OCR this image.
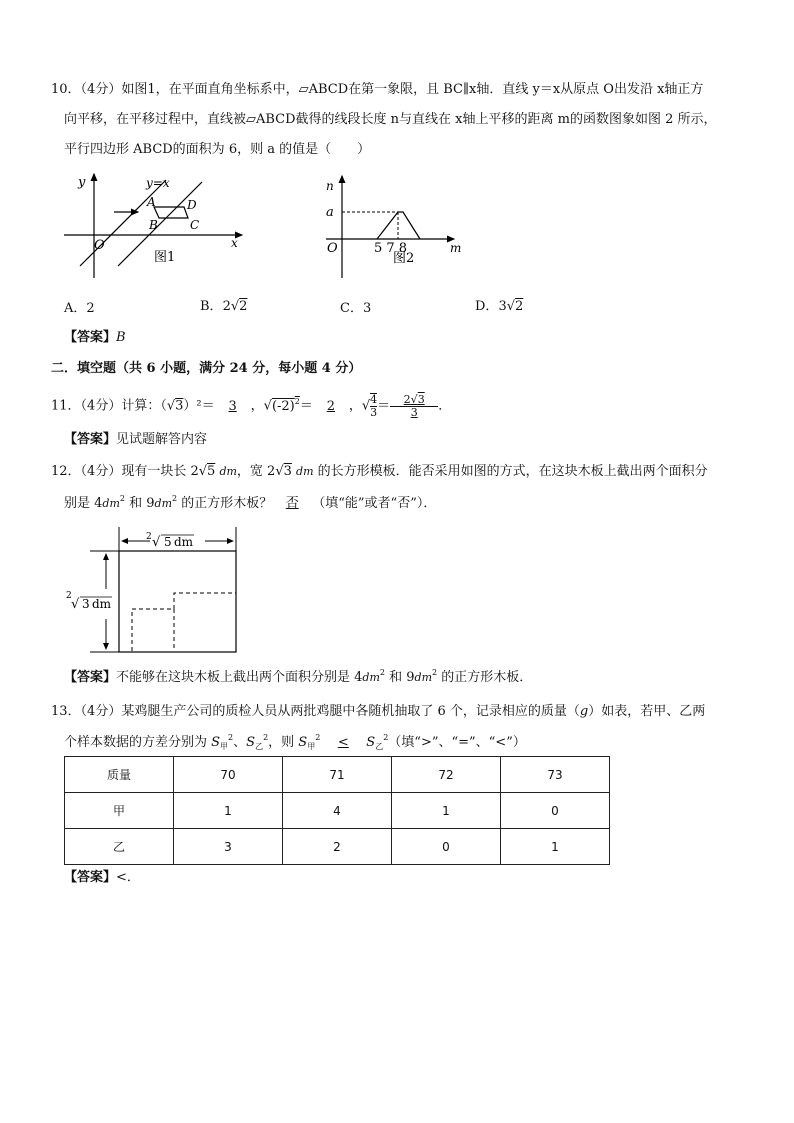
10．（4分）如图1，在平面直角坐标系中，▱ABCD在第一象限，且 BC∥x轴．直线 y＝x从原点 O出发沿 x轴正方
向平移，在平移过程中，直线被▱ABCD截得的线段长度 n与直线在 x轴上平移的距离 m的函数图象如图 2 所示，
平行四边形 ABCD的面积为 6，则 a 的值是（　　）
y	y=x
A	D
B	C
O	x
图1
n
a
O	5 7 8	m
图2
A．2	B．2√2	C．3	D．3√2
【答案】B
二．填空题（共 6 小题，满分 24 分，每小题 4 分）
11．（4分）计算：（√3）²＝ 3 ，$√(-2)^2= 2$ ，√ $\frac{4}{3} = \frac{2√3}{3}$ ．
【答案】见试题解答内容
12．（4分）现有一块长 2√5 dm，宽 2√3 dm 的长方形模板．能否采用如图的方式，在这块木板上截出两个面积分
别是 $4dm^2$ 和 $9dm^2$ 的正方形木板？ 否 （填“能”或者“否”）．
2 √ 5 dm
2
√ 3 dm
【答案】不能够在这块木板上截出两个面积分别是 $4dm^2$ 和 $9dm^2$ 的正方形木板．
13．（4分）某鸡腿生产公司的质检人员从两批鸡腿中各随机抽取了 6 个，记录相应的质量（g）如表，若甲、乙两
个样本数据的方差分别为 $S_甲^2$、$S_乙^2$，则 $S_甲^2 < S_乙^2$（填“>”、“=”、“<”）
质量	70	71	72	73
甲	1	4	1	0
乙	3	2	0	1
【答案】<．
